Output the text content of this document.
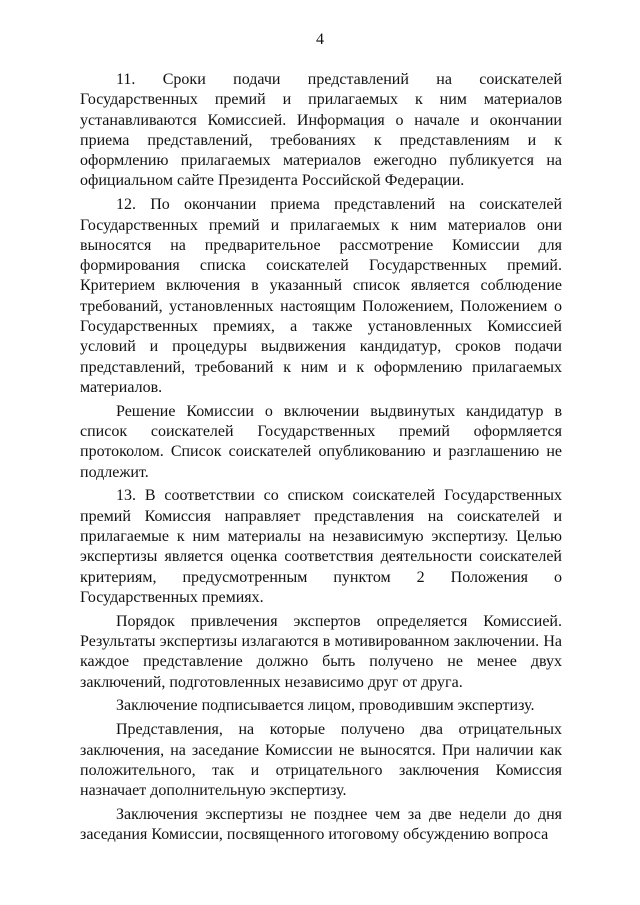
4

11. Сроки подачи представлений на соискателей Государственных премий и прилагаемых к ним материалов устанавливаются Комиссией. Информация о начале и окончании приема представлений, требованиях к представлениям и к оформлению прилагаемых материалов ежегодно публикуется на официальном сайте Президента Российской Федерации.

12. По окончании приема представлений на соискателей Государственных премий и прилагаемых к ним материалов они выносятся на предварительное рассмотрение Комиссии для формирования списка соискателей Государственных премий. Критерием включения в указанный список является соблюдение требований, установленных настоящим Положением, Положением о Государственных премиях, а также установленных Комиссией условий и процедуры выдвижения кандидатур, сроков подачи представлений, требований к ним и к оформлению прилагаемых материалов.

Решение Комиссии о включении выдвинутых кандидатур в список соискателей Государственных премий оформляется протоколом. Список соискателей опубликованию и разглашению не подлежит.

13. В соответствии со списком соискателей Государственных премий Комиссия направляет представления на соискателей и прилагаемые к ним материалы на независимую экспертизу. Целью экспертизы является оценка соответствия деятельности соискателей критериям, предусмотренным пунктом 2 Положения о Государственных премиях.

Порядок привлечения экспертов определяется Комиссией. Результаты экспертизы излагаются в мотивированном заключении. На каждое представление должно быть получено не менее двух заключений, подготовленных независимо друг от друга.

Заключение подписывается лицом, проводившим экспертизу.

Представления, на которые получено два отрицательных заключения, на заседание Комиссии не выносятся. При наличии как положительного, так и отрицательного заключения Комиссия назначает дополнительную экспертизу.

Заключения экспертизы не позднее чем за две недели до дня заседания Комиссии, посвященного итоговому обсуждению вопроса
